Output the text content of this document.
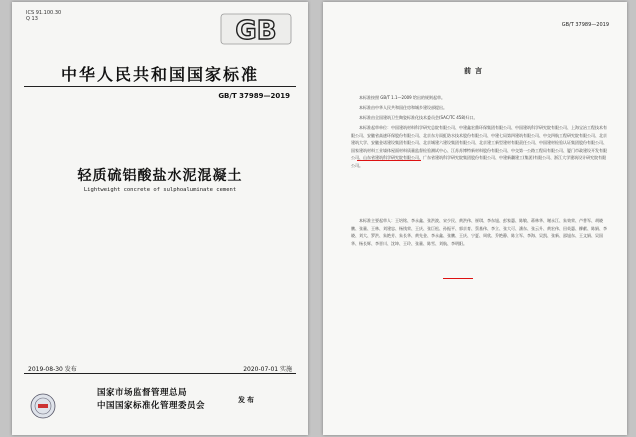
ICS 91.100.30
Q 13	GB
中华人民共和国国家标准
GB/T 37989—2019
轻质硫铝酸盐水泥混凝土
Lightweight concrete of sulphoaluminate cement
2019-08-30 发布	2020-07-01 实施
国家市场监督管理总局
中国国家标准化管理委员会
发布
GB/T 37989—2019
前言
本标准按照 GB/T 1.1—2009 给出的规则起草。
本标准由中华人民共和国住房和城乡建设部提出。
本标准由全国建筑卫生陶瓷标准化技术委员会(SAC/TC 458)归口。
本标准起草单位：中国建筑材料科学研究总院有限公司、中建鑫宏鼎环保集团有限公司、中国建筑科学研究院有限公司、上海宝冶工程技术有限公司、安徽省高速环保股份有限公司、北京东方雨虹防水技术股份有限公司、中建七局第四建筑有限公司、中交四航工程研究院有限公司、北京建筑大学、安徽金诺建设集团有限公司、北京城建六建设集团有限公司、北京建工新型建材有限责任公司、中国建材检验认证集团股份有限公司、国家建筑材料工业墙体屋面材料质量监督检验测试中心、江苏苏博特新材料股份有限公司、中交第一公路工程局有限公司、厦门市政建设开发有限公司、山东省建筑科学研究院有限公司、广东省建筑科学研究院集团股份有限公司、中建新疆建工(集团)有限公司、浙江大学建筑设计研究院有限公司。
本标准主要起草人：王培铭、李永鑫、张洪波、宋少民、黄洪伟、崔琪、李东旭、彭家惠、陈敏、蒋林华、谢永江、朱效荣、卢普军、胡晓鹏、张量、王林、刘建忠、杨钱荣、王庆、张巨松、孙振平、郭京育、蔡基伟、李立、张大可、潘东、张云升、黄宏伟、田英惠、柳献、陈娟、李晓、刘大、罗洪、朱艳芳、朱长华、黄先金、李永鑫、张鹏、王庆、宁夏、周欣、乔艳静、陈立军、李海、吴凯、张新、邵旭东、王文娟、吴国华、杨长辉、李晋川、沈坤、王玲、张量、陈雪、刘航、李明阳。
